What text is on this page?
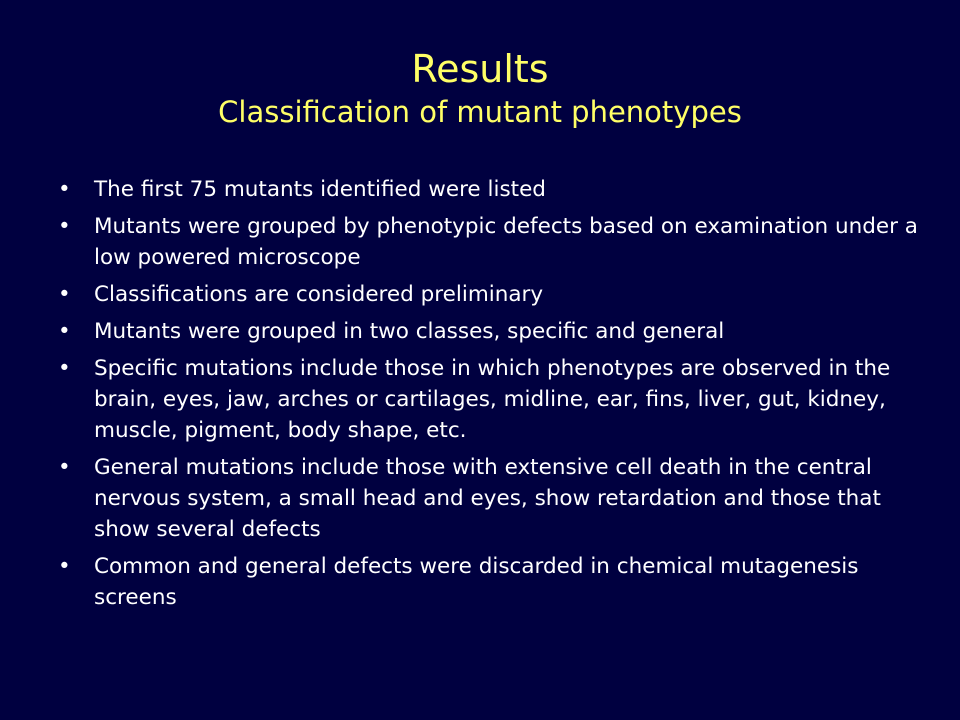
Results
Classification of mutant phenotypes
• The first 75 mutants identified were listed
• Mutants were grouped by phenotypic defects based on examination under a low powered microscope
• Classifications are considered preliminary
• Mutants were grouped in two classes, specific and general
• Specific mutations include those in which phenotypes are observed in the brain, eyes, jaw, arches or cartilages, midline, ear, fins, liver, gut, kidney, muscle, pigment, body shape, etc.
• General mutations include those with extensive cell death in the central nervous system, a small head and eyes, show retardation and those that show several defects
• Common and general defects were discarded in chemical mutagenesis screens
